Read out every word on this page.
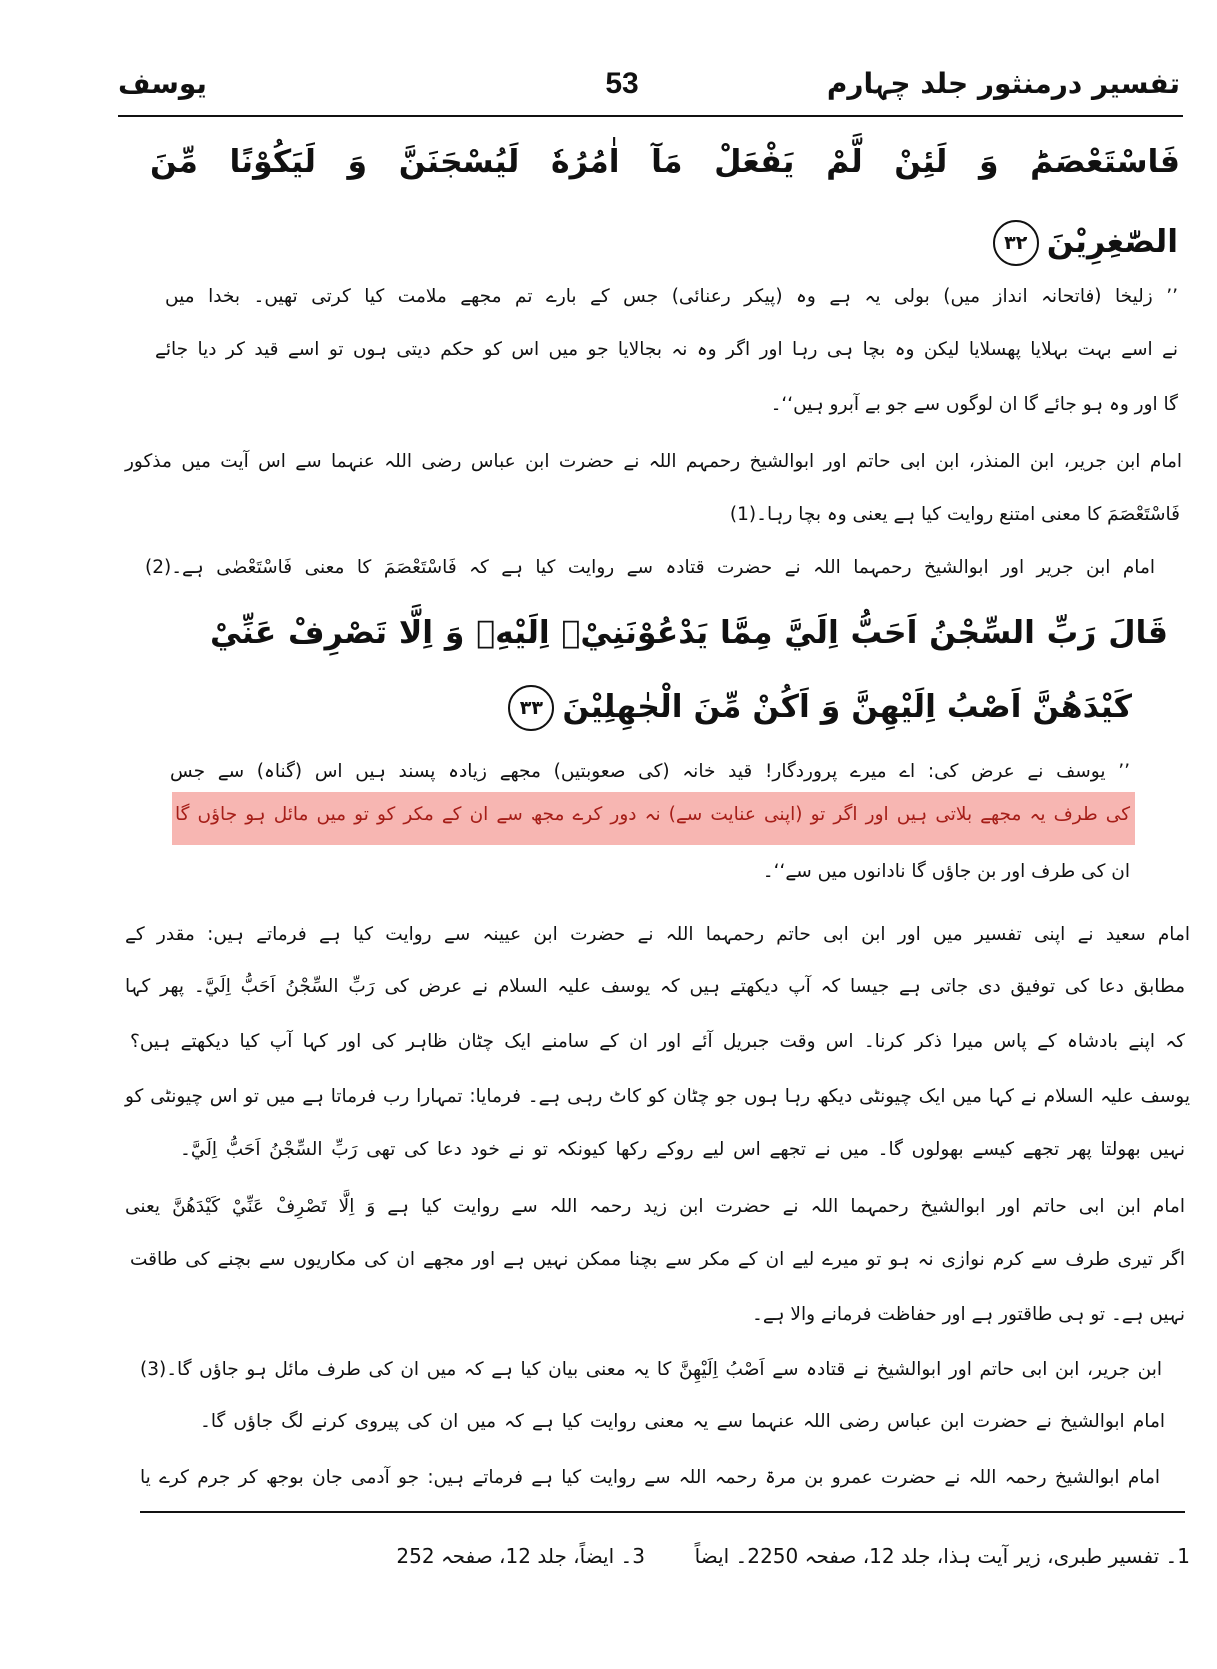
تفسیر درمنثور جلد چہارم
53
یوسف
فَاسْتَعْصَمَؕ وَ لَئِنْ لَّمْ يَفْعَلْ مَآ اٰمُرُهٗ لَيُسْجَنَنَّ وَ لَيَكُوْنًا مِّنَ
الصّٰغِرِيْنَ۳۲
’’ زلیخا (فاتحانہ انداز میں) بولی یہ ہے وہ (پیکر رعنائی) جس کے بارے تم مجھے ملامت کیا کرتی تھیں۔ بخدا میں
نے اسے بہت بہلایا پھسلایا لیکن وہ بچا ہی رہا اور اگر وہ نہ بجالایا جو میں اس کو حکم دیتی ہوں تو اسے قید کر دیا جائے
گا اور وہ ہو جائے گا ان لوگوں سے جو بے آبرو ہیں‘‘۔
امام ابن جریر، ابن المنذر، ابن ابی حاتم اور ابوالشیخ رحمہم اللہ نے حضرت ابن عباس رضی اللہ عنہما سے اس آیت میں مذکور
فَاسْتَعْصَمَ کا معنی امتنع روایت کیا ہے یعنی وہ بچا رہا۔(1)
امام ابن جریر اور ابوالشیخ رحمہما اللہ نے حضرت قتادہ سے روایت کیا ہے کہ فَاسْتَعْصَمَ کا معنی فَاسْتَعْصٰی ہے۔(2)
قَالَ رَبِّ السِّجْنُ اَحَبُّ اِلَيَّ مِمَّا يَدْعُوْنَنِيْۤ اِلَيْهِۚ وَ اِلَّا تَصْرِفْ عَنِّيْ
كَيْدَهُنَّ اَصْبُ اِلَيْهِنَّ وَ اَكُنْ مِّنَ الْجٰهِلِيْنَ۳۳
’’ یوسف نے عرض کی: اے میرے پروردگار! قید خانہ (کی صعوبتیں) مجھے زیادہ پسند ہیں اس (گناہ) سے جس
کی طرف یہ مجھے بلاتی ہیں اور اگر تو (اپنی عنایت سے) نہ دور کرے مجھ سے ان کے مکر کو تو میں مائل ہو جاؤں گا
ان کی طرف اور بن جاؤں گا نادانوں میں سے‘‘۔
امام سعید نے اپنی تفسیر میں اور ابن ابی حاتم رحمہما اللہ نے حضرت ابن عیینہ سے روایت کیا ہے فرماتے ہیں: مقدر کے
مطابق دعا کی توفیق دی جاتی ہے جیسا کہ آپ دیکھتے ہیں کہ یوسف علیہ السلام نے عرض کی رَبِّ السِّجْنُ اَحَبُّ اِلَيَّ۔ پھر کہا
کہ اپنے بادشاہ کے پاس میرا ذکر کرنا۔ اس وقت جبریل آئے اور ان کے سامنے ایک چٹان ظاہر کی اور کہا آپ کیا دیکھتے ہیں؟
یوسف علیہ السلام نے کہا میں ایک چیونٹی دیکھ رہا ہوں جو چٹان کو کاٹ رہی ہے۔ فرمایا: تمہارا رب فرماتا ہے میں تو اس چیونٹی کو
نہیں بھولتا پھر تجھے کیسے بھولوں گا۔ میں نے تجھے اس لیے روکے رکھا کیونکہ تو نے خود دعا کی تھی رَبِّ السِّجْنُ اَحَبُّ اِلَيَّ۔
امام ابن ابی حاتم اور ابوالشیخ رحمہما اللہ نے حضرت ابن زید رحمہ اللہ سے روایت کیا ہے وَ اِلَّا تَصْرِفْ عَنِّيْ كَيْدَهُنَّ یعنی
اگر تیری طرف سے کرم نوازی نہ ہو تو میرے لیے ان کے مکر سے بچنا ممکن نہیں ہے اور مجھے ان کی مکاریوں سے بچنے کی طاقت
نہیں ہے۔ تو ہی طاقتور ہے اور حفاظت فرمانے والا ہے۔
ابن جریر، ابن ابی حاتم اور ابوالشیخ نے قتادہ سے اَصْبُ اِلَيْهِنَّ کا یہ معنی بیان کیا ہے کہ میں ان کی طرف مائل ہو جاؤں گا۔(3)
امام ابوالشیخ نے حضرت ابن عباس رضی اللہ عنہما سے یہ معنی روایت کیا ہے کہ میں ان کی پیروی کرنے لگ جاؤں گا۔
امام ابوالشیخ رحمہ اللہ نے حضرت عمرو بن مرۃ رحمہ اللہ سے روایت کیا ہے فرماتے ہیں: جو آدمی جان بوجھ کر جرم کرے یا
1۔ تفسیر طبری، زیر آیت ہذا، جلد 12، صفحہ 250
2۔ ایضاً
3۔ ایضاً، جلد 12، صفحہ 252
